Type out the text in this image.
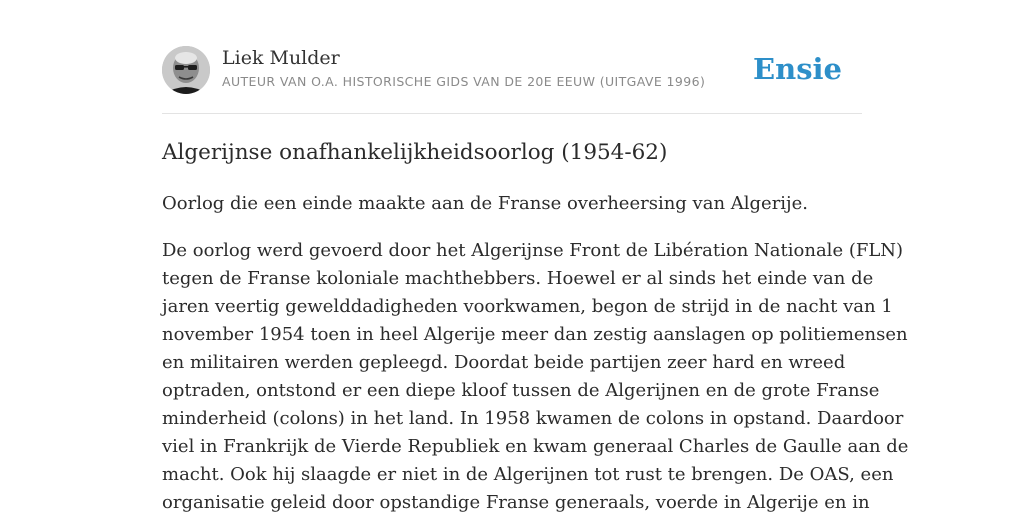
Liek Mulder
AUTEUR VAN O.A. HISTORISCHE GIDS VAN DE 20E EEUW (UITGAVE 1996) Ensie
Algerijnse onafhankelijkheidsoorlog (1954-62)

Oorlog die een einde maakte aan de Franse overheersing van Algerije.

De oorlog werd gevoerd door het Algerijnse Front de Libération Nationale (FLN)
tegen de Franse koloniale machthebbers. Hoewel er al sinds het einde van de
jaren veertig gewelddadigheden voorkwamen, begon de strijd in de nacht van 1
november 1954 toen in heel Algerije meer dan zestig aanslagen op politiemensen
en militairen werden gepleegd. Doordat beide partijen zeer hard en wreed
optraden, ontstond er een diepe kloof tussen de Algerijnen en de grote Franse
minderheid (colons) in het land. In 1958 kwamen de colons in opstand. Daardoor
viel in Frankrijk de Vierde Republiek en kwam generaal Charles de Gaulle aan de
macht. Ook hij slaagde er niet in de Algerijnen tot rust te brengen. De OAS, een
organisatie geleid door opstandige Franse generaals, voerde in Algerije en in
